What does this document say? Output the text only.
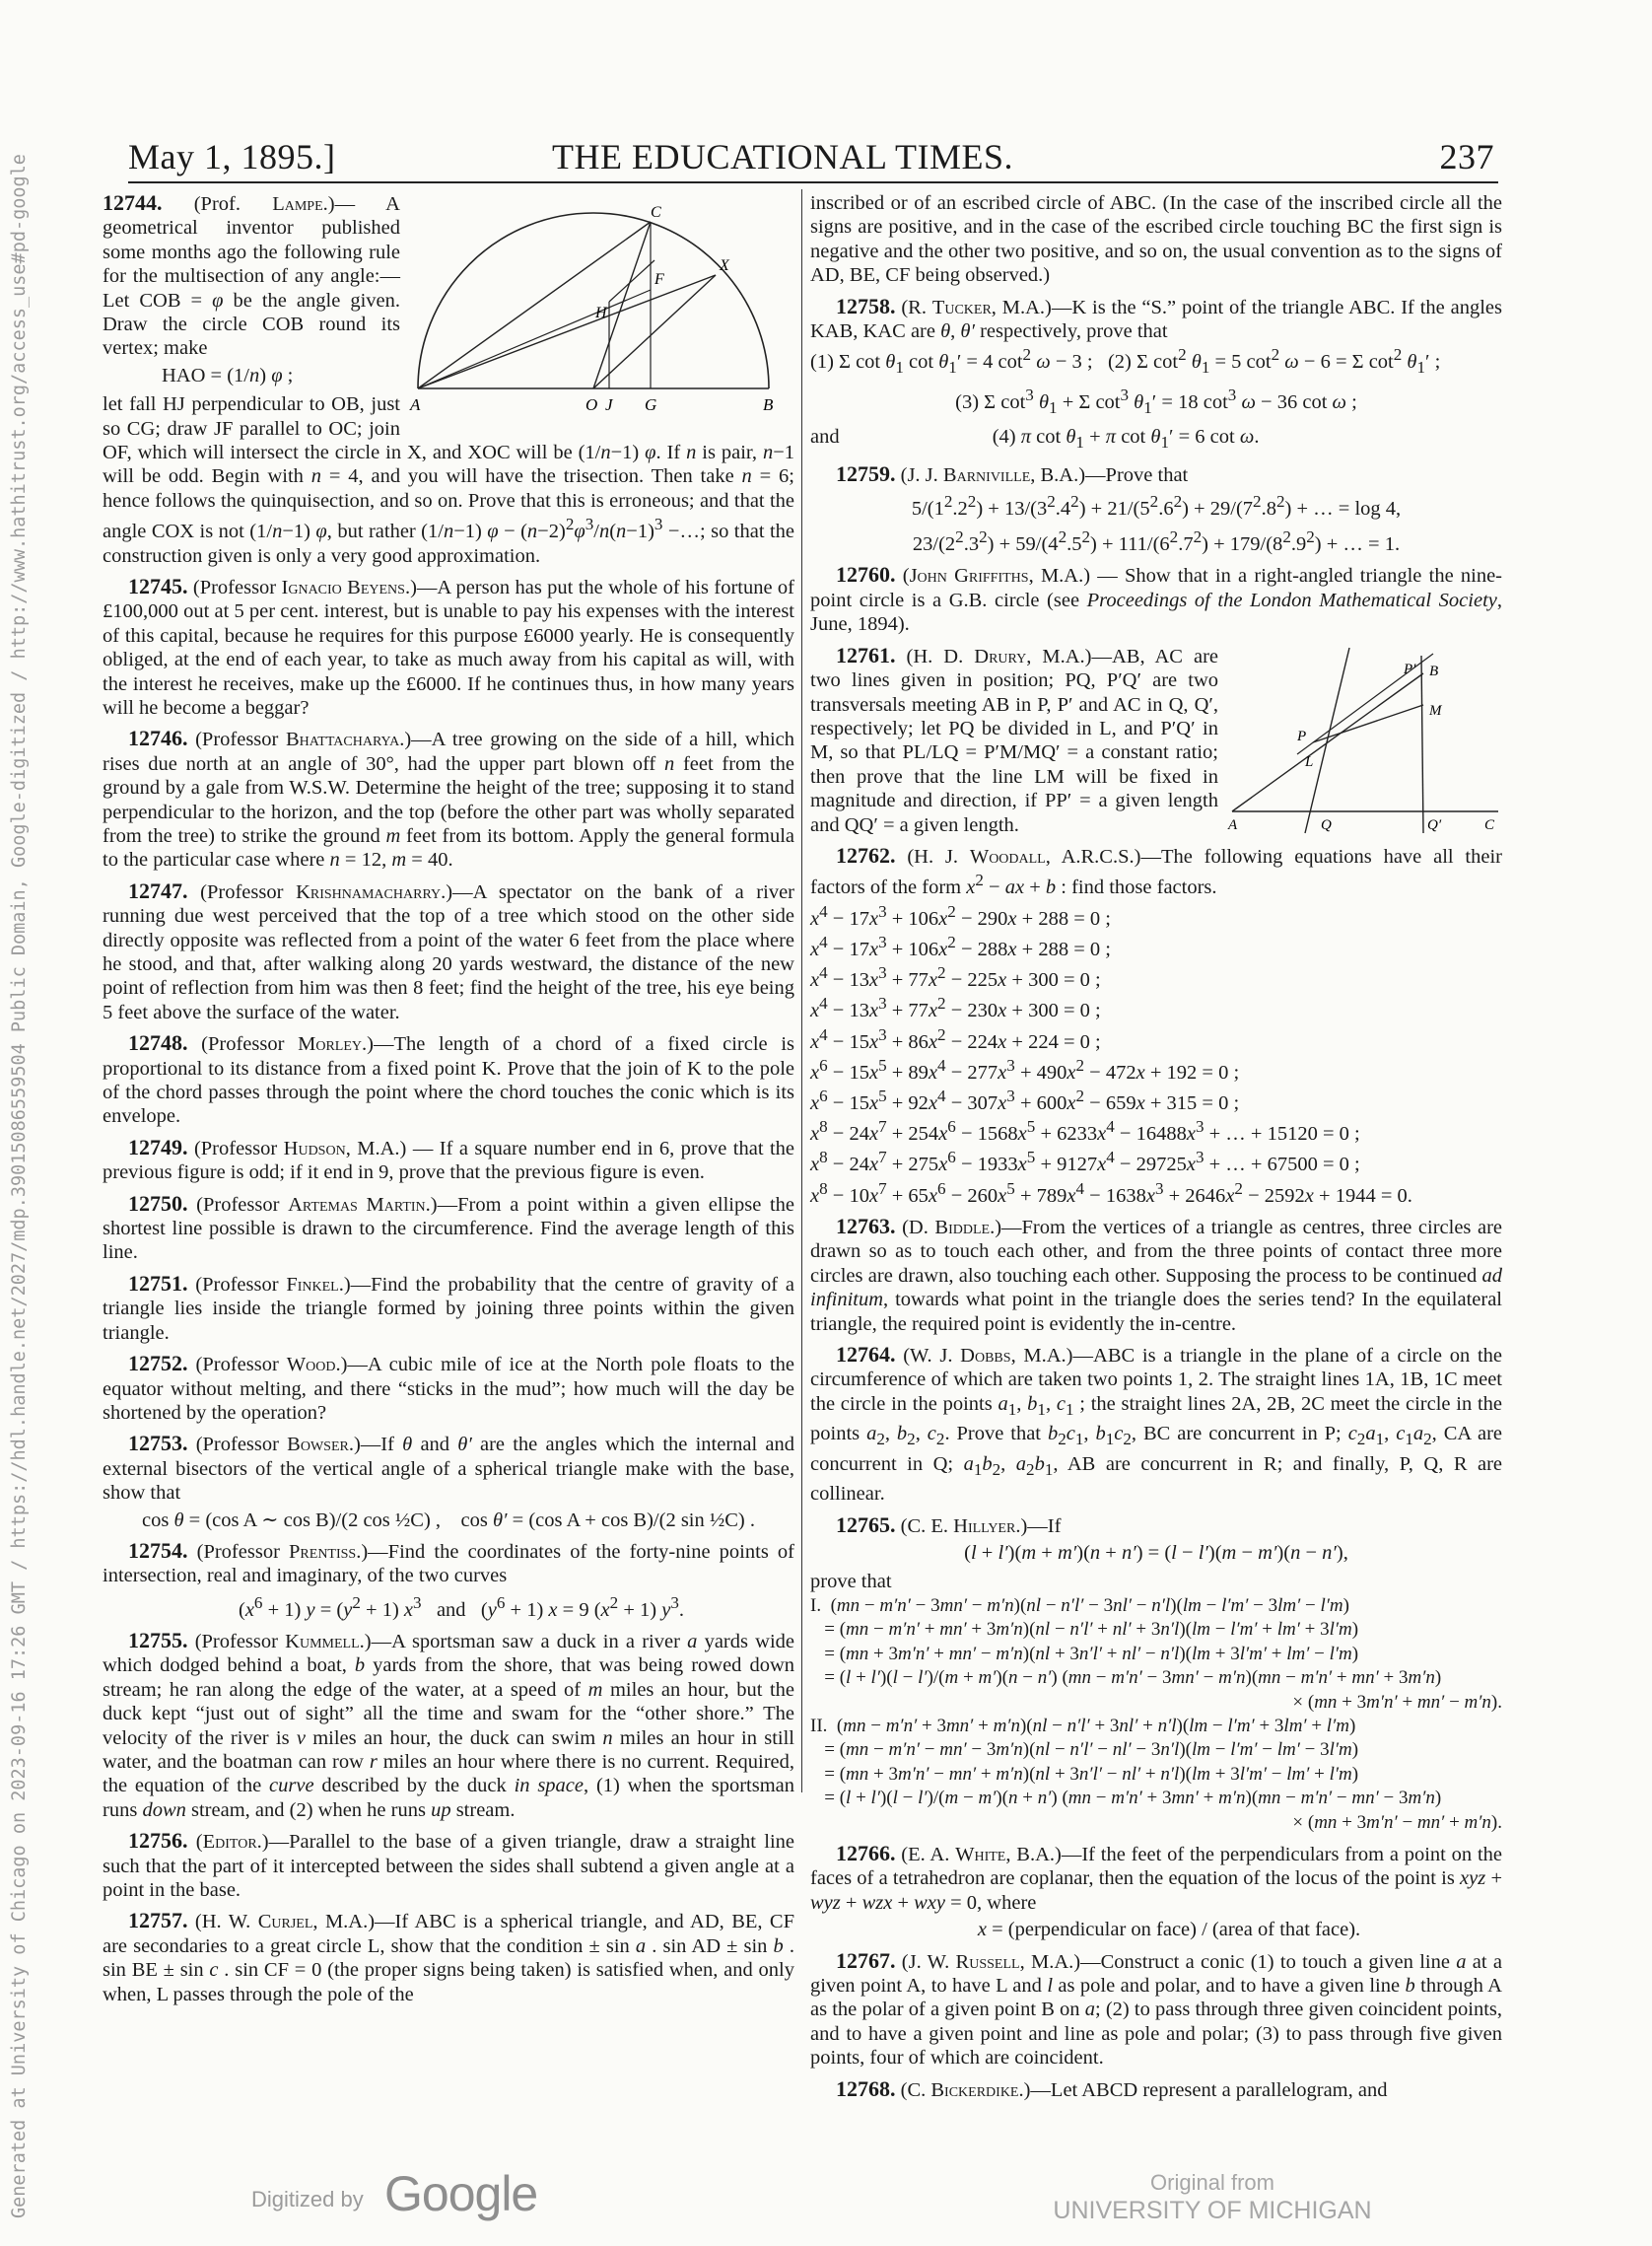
Generated at University of Chicago on 2023-09-16 17:26 GMT / https://hdl.handle.net/2027/mdp.39015086559504 Public Domain, Google-digitized / http://www.hathitrust.org/access_use#pd-google	May 1, 1895.]	THE EDUCATIONAL TIMES.	237
C
X
F
H
A	O J G	B
12744. (Prof. Lampe.)— A geometrical inventor published some months ago the following rule for the multisection of any angle:—Let COB = φ be the angle given. Draw the circle COB round its vertex; make
HAO = (1/n) φ ;
let fall HJ perpendicular to OB, just so CG; draw JF parallel to OC; join OF, which will intersect the circle in X, and XOC will be (1/n−1) φ. If n is pair, n−1 will be odd. Begin with n = 4, and you will have the trisection. Then take n = 6; hence follows the quinquisection, and so on. Prove that this is erroneous; and that the angle COX is not (1/n−1) φ, but rather (1/n−1) $\varphi - (n-2)^2\varphi^3/n(n-1)^3$ −…; so that the construction given is only a very good approximation.
12745. (Professor Ignacio Beyens.)—A person has put the whole of his fortune of £100,000 out at 5 per cent. interest, but is unable to pay his expenses with the interest of this capital, because he requires for this purpose £6000 yearly. He is consequently obliged, at the end of each year, to take as much away from his capital as will, with the interest he receives, make up the £6000. If he continues thus, in how many years will he become a beggar?
12746. (Professor Bhattacharya.)—A tree growing on the side of a hill, which rises due north at an angle of 30°, had the upper part blown off n feet from the ground by a gale from W.S.W. Determine the height of the tree; supposing it to stand perpendicular to the horizon, and the top (before the other part was wholly separated from the tree) to strike the ground m feet from its bottom. Apply the general formula to the particular case where n = 12, m = 40.
12747. (Professor Krishnamacharry.)—A spectator on the bank of a river running due west perceived that the top of a tree which stood on the other side directly opposite was reflected from a point of the water 6 feet from the place where he stood, and that, after walking along 20 yards westward, the distance of the new point of reflection from him was then 8 feet; find the height of the tree, his eye being 5 feet above the surface of the water.
12748. (Professor Morley.)—The length of a chord of a fixed circle is proportional to its distance from a fixed point K. Prove that the join of K to the pole of the chord passes through the point where the chord touches the conic which is its envelope.
12749. (Professor Hudson, M.A.) — If a square number end in 6, prove that the previous figure is odd; if it end in 9, prove that the previous figure is even.
12750. (Professor Artemas Martin.)—From a point within a given ellipse the shortest line possible is drawn to the circumference. Find the average length of this line.
12751. (Professor Finkel.)—Find the probability that the centre of gravity of a triangle lies inside the triangle formed by joining three points within the given triangle.
12752. (Professor Wood.)—A cubic mile of ice at the North pole floats to the equator without melting, and there “sticks in the mud”; how much will the day be shortened by the operation?
12753. (Professor Bowser.)—If θ and θ′ are the angles which the internal and external bisectors of the vertical angle of a spherical triangle make with the base, show that
cos θ = (cos A ∼ cos B)/(2 cos ½C) ,    cos θ′ = (cos A + cos B)/(2 sin ½C) .
12754. (Professor Prentiss.)—Find the coordinates of the forty-nine points of intersection, real and imaginary, of the two curves
$(x^6 + 1) y = (y^2 + 1)$ $x^3$   and   $(y^6 + 1) x = 9$ $(x^2 + 1)$ $y^3$.
12755. (Professor Kummell.)—A sportsman saw a duck in a river a yards wide which dodged behind a boat, b yards from the shore, that was being rowed down stream; he ran along the edge of the water, at a speed of m miles an hour, but the duck kept “just out of sight” all the time and swam for the “other shore.” The velocity of the river is v miles an hour, the duck can swim n miles an hour in still water, and the boatman can row r miles an hour where there is no current. Required, the equation of the curve described by the duck in space, (1) when the sportsman runs down stream, and (2) when he runs up stream.
12756. (Editor.)—Parallel to the base of a given triangle, draw a straight line such that the part of it intercepted between the sides shall subtend a given angle at a point in the base.
12757. (H. W. Curjel, M.A.)—If ABC is a spherical triangle, and AD, BE, CF are secondaries to a great circle L, show that the condition ± sin a . sin AD ± sin b . sin BE ± sin c . sin CF = 0 (the proper signs being taken) is satisfied when, and only when, L passes through the pole of the
inscribed or of an escribed circle of ABC. (In the case of the inscribed circle all the signs are positive, and in the case of the escribed circle touching BC the first sign is negative and the other two positive, and so on, the usual convention as to the signs of AD, BE, CF being observed.)
12758. (R. Tucker, M.A.)—K is the “S.” point of the triangle ABC. If the angles KAB, KAC are θ, θ′ respectively, prove that
(1) Σ $\cot \theta_1$ $\cot \theta_1' = 4$ $\cot^2 \omega - 3$ ;   (2) Σ $\cot^2 \theta_1 = 5$ $\cot^2 \omega - 6 = \Sigma$ $\cot^2 \theta_1'$ ;
(3) Σ $\cot^3 \theta_1 + \Sigma$ $\cot^3 \theta_1' = 18$ $\cot^3 \omega - 36$ cot ω ;
and	(4) π $\cot \theta_1 + \pi$ $\cot \theta_1' = 6$ cot ω.
12759. (J. J. Barniville, B.A.)—Prove that
$5/(1^2.2^2) + 13/(3^2.4^2) + 21/(5^2.6^2) + 29/(7^2.8^2)$ + … = log 4,
$23/(2^2.3^2) + 59/(4^2.5^2) + 111/(6^2.7^2) + 179/(8^2.9^2)$ + … = 1.
12760. (John Griffiths, M.A.) — Show that in a right-angled triangle the nine-point circle is a G.B. circle (see Proceedings of the London Mathematical Society, June, 1894).
P′ B
M
P
L
A	Q	Q′	C
12761. (H. D. Drury, M.A.)—AB, AC are two lines given in position; PQ, P′Q′ are two transversals meeting AB in P, P′ and AC in Q, Q′, respectively; let PQ be divided in L, and P′Q′ in M, so that PL/LQ = P′M/MQ′ = a constant ratio; then prove that the line LM will be fixed in magnitude and direction, if PP′ = a given length and QQ′ = a given length.
12762. (H. J. Woodall, A.R.C.S.)—The following equations have all their factors of the form $x^2$ − ax + b : find those factors.
$x^4 - 17x^3 + 106x^2 - 290x + 288 = 0$ ;
$x^4 - 17x^3 + 106x^2 - 288x + 288 = 0$ ;
$x^4 - 13x^3 + 77x^2 - 225x + 300 = 0$ ;
$x^4 - 13x^3 + 77x^2 - 230x + 300 = 0$ ;
$x^4 - 15x^3 + 86x^2 - 224x + 224 = 0$ ;
$x^6 - 15x^5 + 89x^4 - 277x^3 + 490x^2 - 472x + 192 = 0$ ;
$x^6 - 15x^5 + 92x^4 - 307x^3 + 600x^2 - 659x + 315 = 0$ ;
$x^8 - 24x^7 + 254x^6 - 1568x^5 + 6233x^4 - 16488x^3$ + … + 15120 = 0 ;
$x^8 - 24x^7 + 275x^6 - 1933x^5 + 9127x^4 - 29725x^3$ + … + 67500 = 0 ;
$x^8 - 10x^7 + 65x^6 - 260x^5 + 789x^4 - 1638x^3 + 2646x^2 - 2592x + 1944 = 0$.
12763. (D. Biddle.)—From the vertices of a triangle as centres, three circles are drawn so as to touch each other, and from the three points of contact three more circles are drawn, also touching each other. Supposing the process to be continued ad infinitum, towards what point in the triangle does the series tend? In the equilateral triangle, the required point is evidently the in-centre.
12764. (W. J. Dobbs, M.A.)—ABC is a triangle in the plane of a circle on the circumference of which are taken two points 1, 2. The straight lines 1A, 1B, 1C meet the circle in the points $a_1$, $b_1$, $c_1$ ; the straight lines 2A, 2B, 2C meet the circle in the points $a_2$, $b_2$, $c_2$. Prove that $b_2c_1$, $b_1c_2$, BC are concurrent in P; $c_2a_1$, $c_1a_2$, CA are concurrent in Q; $a_1b_2$, $a_2b_1$, AB are concurrent in R; and finally, P, Q, R are collinear.
12765. (C. E. Hillyer.)—If
(l + l′)(m + m′)(n + n′) = (l − l′)(m − m′)(n − n′),
prove that
I.  (mn − m′n′ − 3mn′ − m′n)(nl − n′l′ − 3nl′ − n′l)(lm − l′m′ − 3lm′ − l′m)
= (mn − m′n′ + mn′ + 3m′n)(nl − n′l′ + nl′ + 3n′l)(lm − l′m′ + lm′ + 3l′m)
= (mn + 3m′n′ + mn′ − m′n)(nl + 3n′l′ + nl′ − n′l)(lm + 3l′m′ + lm′ − l′m)
= (l + l′)(l − l′)/(m + m′)(n − n′) (mn − m′n′ − 3mn′ − m′n)(mn − m′n′ + mn′ + 3m′n)
× (mn + 3m′n′ + mn′ − m′n).
II.  (mn − m′n′ + 3mn′ + m′n)(nl − n′l′ + 3nl′ + n′l)(lm − l′m′ + 3lm′ + l′m)
= (mn − m′n′ − mn′ − 3m′n)(nl − n′l′ − nl′ − 3n′l)(lm − l′m′ − lm′ − 3l′m)
= (mn + 3m′n′ − mn′ + m′n)(nl + 3n′l′ − nl′ + n′l)(lm + 3l′m′ − lm′ + l′m)
= (l + l′)(l − l′)/(m − m′)(n + n′) (mn − m′n′ + 3mn′ + m′n)(mn − m′n′ − mn′ − 3m′n)
× (mn + 3m′n′ − mn′ + m′n).
12766. (E. A. White, B.A.)—If the feet of the perpendiculars from a point on the faces of a tetrahedron are coplanar, then the equation of the locus of the point is xyz + wyz + wzx + wxy = 0, where
x = (perpendicular on face) / (area of that face).
12767. (J. W. Russell, M.A.)—Construct a conic (1) to touch a given line a at a given point A, to have L and l as pole and polar, and to have a given line b through A as the polar of a given point B on a; (2) to pass through three given coincident points, and to have a given point and line as pole and polar; (3) to pass through five given points, four of which are coincident.
12768. (C. Bickerdike.)—Let ABCD represent a parallelogram, and
Digitized by Google	Original from
UNIVERSITY OF MICHIGAN
